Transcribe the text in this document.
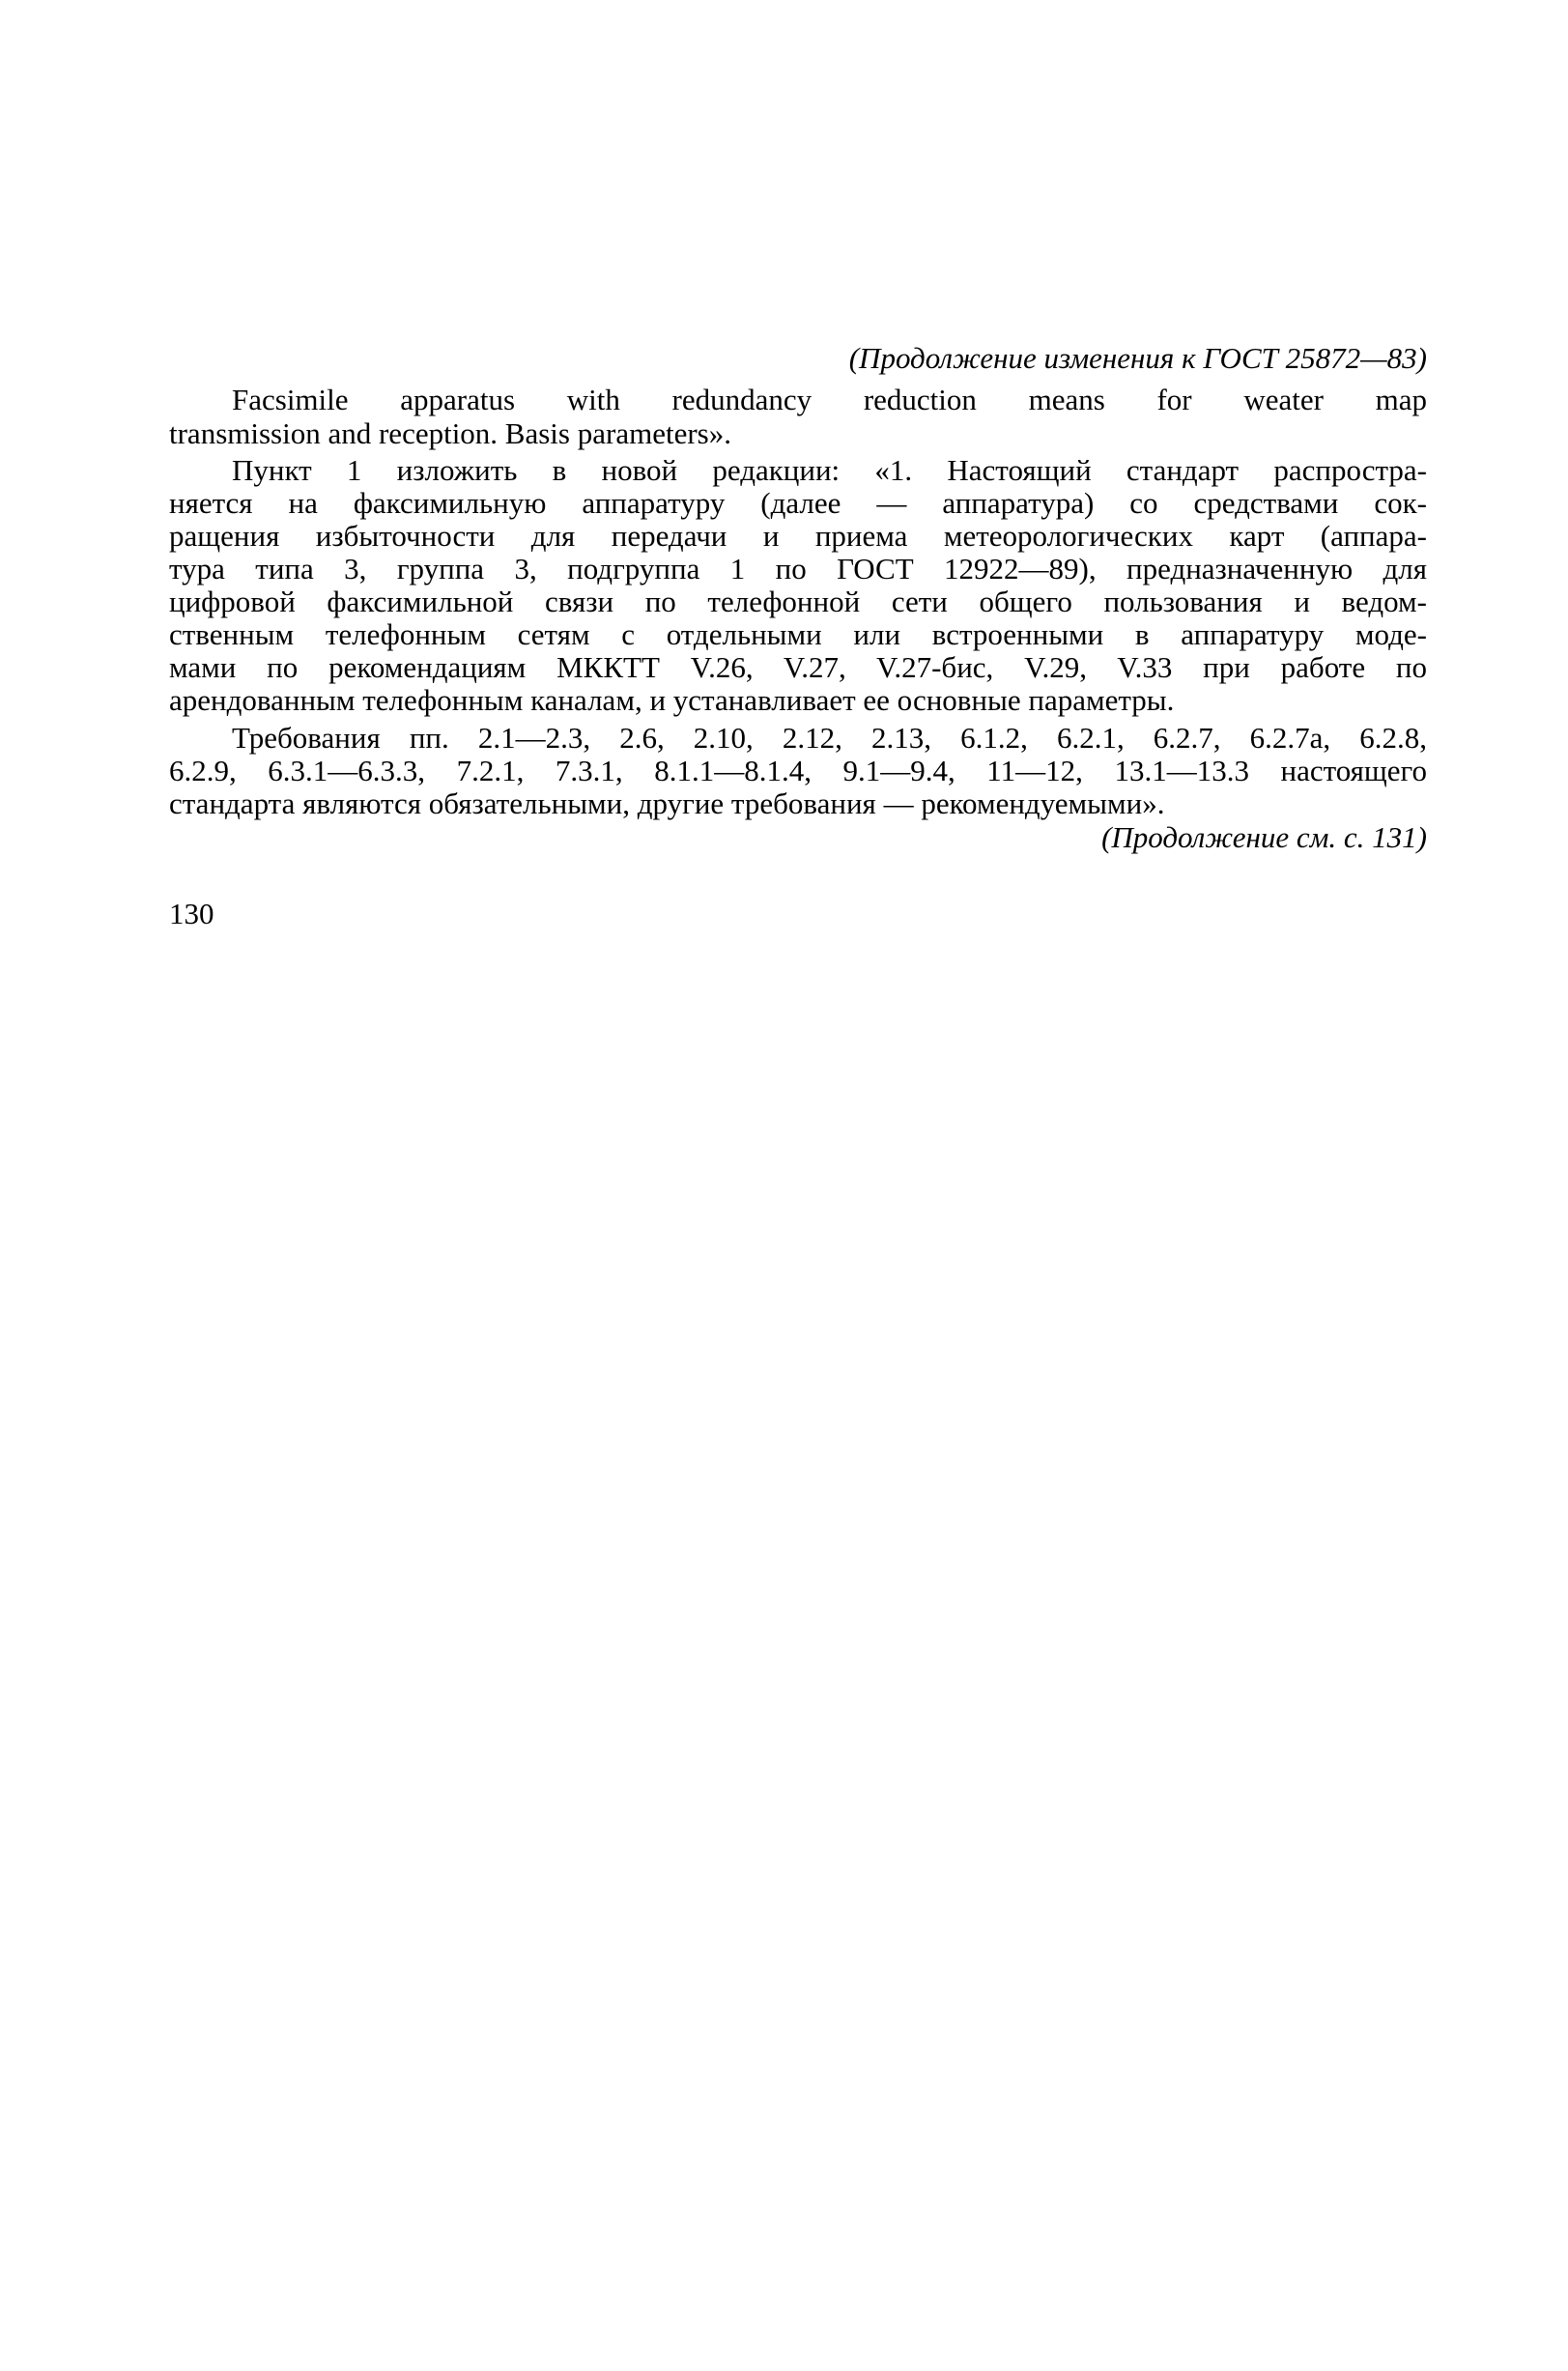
(Продолжение изменения к ГОСТ 25872—83)
Facsimile apparatus with redundancy reduction means for weater map
transmission and reception. Basis parameters».
Пункт 1 изложить в новой редакции: «1. Настоящий стандарт распростра-
няется на факсимильную аппаратуру (далее — аппаратура) со средствами сок-
ращения избыточности для передачи и приема метеорологических карт (аппара-
тура типа 3, группа 3, подгруппа 1 по ГОСТ 12922—89), предназначенную для
цифровой факсимильной связи по телефонной сети общего пользования и ведом-
ственным телефонным сетям с отдельными или встроенными в аппаратуру моде-
мами по рекомендациям МККТТ V.26, V.27, V.27-бис, V.29, V.33 при работе по
арендованным телефонным каналам, и устанавливает ее основные параметры.
Требования пп. 2.1—2.3, 2.6, 2.10, 2.12, 2.13, 6.1.2, 6.2.1, 6.2.7, 6.2.7а, 6.2.8,
6.2.9, 6.3.1—6.3.3, 7.2.1, 7.3.1, 8.1.1—8.1.4, 9.1—9.4, 11—12, 13.1—13.3 настоящего
стандарта являются обязательными, другие требования — рекомендуемыми».
(Продолжение см. с. 131)
130
